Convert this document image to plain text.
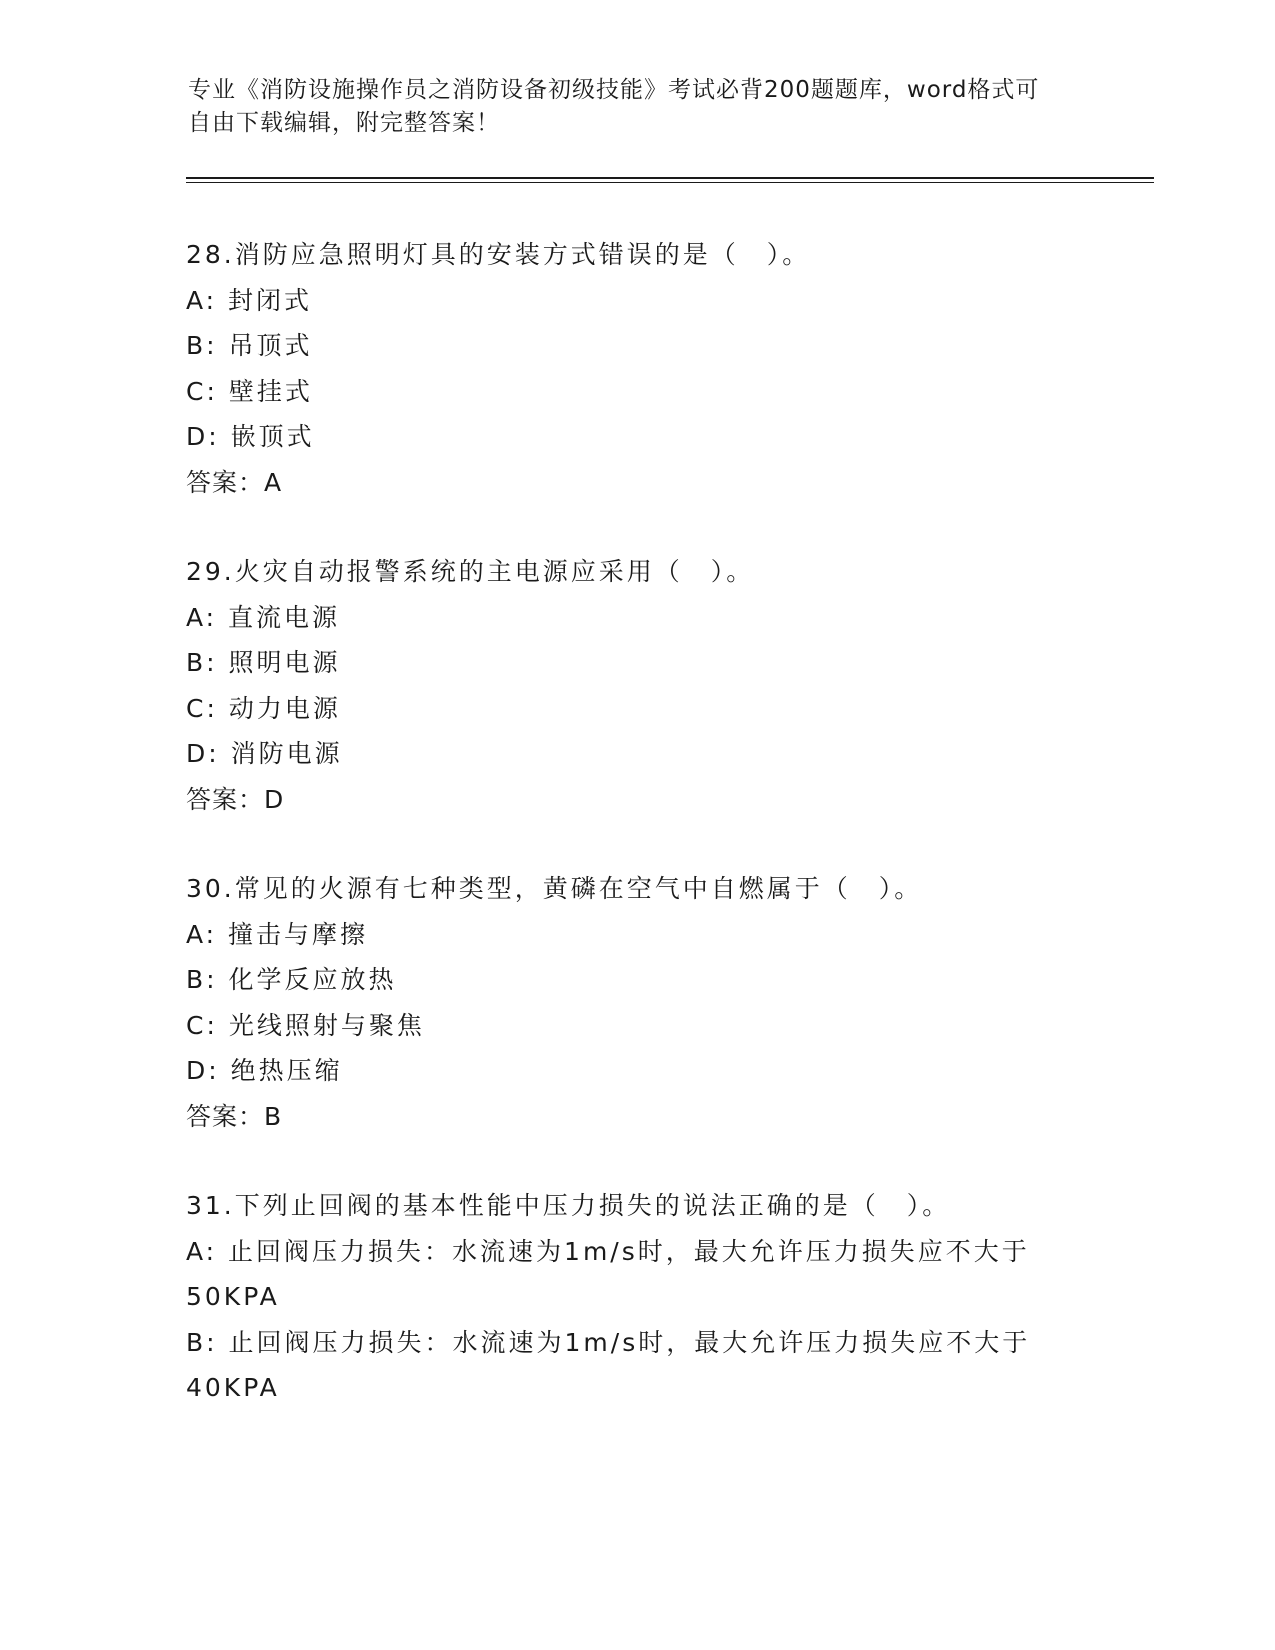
专业《消防设施操作员之消防设备初级技能》考试必背200题题库，word格式可
自由下载编辑，附完整答案！
28.消防应急照明灯具的安装方式错误的是（　）。
A: 封闭式
B: 吊顶式
C: 壁挂式
D: 嵌顶式
答案：A
29.火灾自动报警系统的主电源应采用（　）。
A: 直流电源
B: 照明电源
C: 动力电源
D: 消防电源
答案：D
30.常见的火源有七种类型，黄磷在空气中自燃属于（　）。
A: 撞击与摩擦
B: 化学反应放热
C: 光线照射与聚焦
D: 绝热压缩
答案：B
31.下列止回阀的基本性能中压力损失的说法正确的是（　）。
A: 止回阀压力损失：水流速为1m/s时，最大允许压力损失应不大于50KPA
B: 止回阀压力损失：水流速为1m/s时，最大允许压力损失应不大于40KPA
